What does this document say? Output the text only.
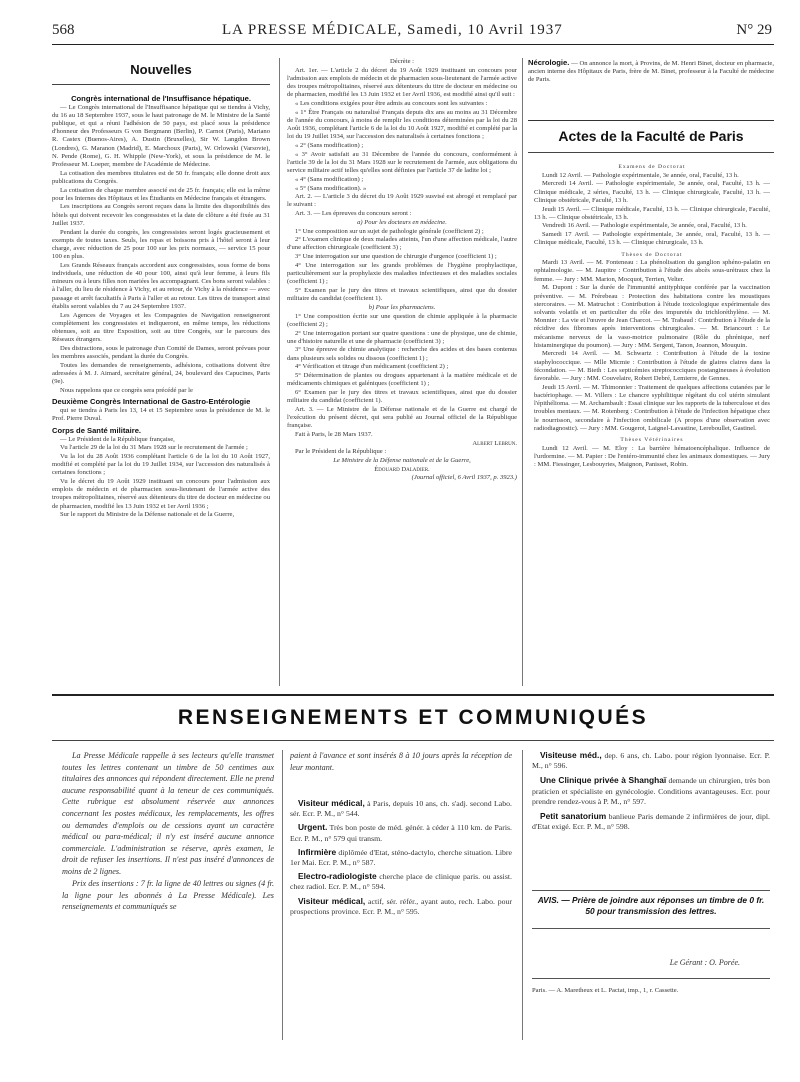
568	LA PRESSE MÉDICALE, Samedi, 10 Avril 1937	N° 29
Nouvelles

Congrès international de l'Insuffisance hépatique.

— Le Congrès international de l'Insuffisance hépatique qui se tiendra à Vichy, du 16 au 18 Septembre 1937, sous le haut patronage de M. le Ministre de la Santé publique, et qui a réuni l'adhésion de 50 pays, est placé sous la présidence d'honneur des Professeurs G von Bergmann (Berlin), P. Carnot (Paris), Mariano R. Castex (Buenos-Aires), A. Dustin (Bruxelles), Sir W. Langdon Brown (Londres), G. Maranon (Madrid), E. Marchoux (Paris), W. Orlowski (Varsovie), N. Pende (Rome), G. H. Whipple (New-York), et sous la présidence de M. le Professeur M. Loeper, membre de l'Académie de Médecine.

La cotisation des membres titulaires est de 50 fr. français; elle donne droit aux publications du Congrès.

La cotisation de chaque membre associé est de 25 fr. français; elle est la même pour les Internes des Hôpitaux et les Étudiants en Médecine français et étrangers.

Les inscriptions au Congrès seront reçues dans la limite des disponibilités des hôtels qui doivent recevoir les congressistes et la date de clôture a été fixée au 31 Juillet 1937.

Pendant la durée du congrès, les congressistes seront logés gracieusement et exempts de toutes taxes. Seuls, les repas et boissons pris à l'hôtel seront à leur charge, avec réduction de 25 pour 100 sur les prix normaux, — service 15 pour 100 en plus.

Les Grands Réseaux français accordent aux congressistes, sous forme de bons individuels, une réduction de 40 pour 100, ainsi qu'à leur femme, à leurs fils mineurs ou à leurs filles non mariées les accompagnant. Ces bons seront valables : à l'aller, du lieu de résidence à Vichy, et au retour, de Vichy à la résidence — avec passage et arrêt facultatifs à Paris à l'aller et au retour. Les titres de transport ainsi établis seront valables du 7 au 24 Septembre 1937.

Les Agences de Voyages et les Compagnies de Navigation renseigneront complètement les congressistes et indiqueront, en même temps, les réductions obtenues, soit au titre Exposition, soit au titre Congrès, sur le parcours des Réseaux étrangers.

Des distractions, sous le patronage d'un Comité de Dames, seront prévues pour les membres associés, pendant la durée du Congrès.

Toutes les demandes de renseignements, adhésions, cotisations doivent être adressées à M. J. Aimard, secrétaire général, 24, boulevard des Capucines, Paris (9e).

Nous rappelons que ce congrès sera précédé par le

Deuxième Congrès International de Gastro-Entérologie

qui se tiendra à Paris les 13, 14 et 15 Septembre sous la présidence de M. le Prof. Pierre Duval.

Corps de Santé militaire.

— Le Président de la République française,

Vu l'article 29 de la loi du 31 Mars 1928 sur le recrutement de l'armée ;

Vu la loi du 28 Août 1936 complétant l'article 6 de la loi du 10 Août 1927, modifié et complété par la loi du 19 Juillet 1934, sur l'accession des naturalisés à certaines fonctions ;

Vu le décret du 19 Août 1929 instituant un concours pour l'admission aux emplois de médecin et de pharmacien sous-lieutenant de l'armée active des troupes métropolitaines, réservé aux détenteurs du titre de docteur en médecine ou de pharmacien, modifié les 13 Juin 1932 et 1er Avril 1936 ;

Sur le rapport du Ministre de la Défense nationale et de la Guerre,

Décrète :

Art. 1er. — L'article 2 du décret du 19 Août 1929 instituant un concours pour l'admission aux emplois de médecin et de pharmacien sous-lieutenant de l'armée active des troupes métropolitaines, réservé aux détenteurs du titre de docteur en médecine ou de pharmacien, modifié les 13 Juin 1932 et 1er Avril 1936, est modifié ainsi qu'il suit :

« Les conditions exigées pour être admis au concours sont les suivantes :

« 1° Être Français ou naturalisé Français depuis dix ans au moins au 31 Décembre de l'année du concours, à moins de remplir les conditions déterminées par la loi du 28 Août 1936, complétant l'article 6 de la loi du 10 Août 1927, modifié et complété par la loi du 19 Juillet 1934, sur l'accession des naturalisés à certaines fonctions ;

« 2° (Sans modification) ;

« 3° Avoir satisfait au 31 Décembre de l'année du concours, conformément à l'article 39 de la loi du 31 Mars 1928 sur le recrutement de l'armée, aux obligations du service militaire actif telles qu'elles sont définies par l'article 37 de ladite loi ;

« 4° (Sans modification) ;

« 5° (Sans modification). »

Art. 2. — L'article 3 du décret du 19 Août 1929 susvisé est abrogé et remplacé par le suivant :

Art. 3. — Les épreuves du concours seront :

a) Pour les docteurs en médecine.

1° Une composition sur un sujet de pathologie générale (coefficient 2) ;

2° L'examen clinique de deux malades atteints, l'un d'une affection médicale, l'autre d'une affection chirurgicale (coefficient 3) ;

3° Une interrogation sur une question de chirurgie d'urgence (coefficient 1) ;

4° Une interrogation sur les grands problèmes de l'hygiène prophylactique, particulièrement sur la prophylaxie des maladies infectieuses et des maladies sociales (coefficient 1) ;

5° Examen par le jury des titres et travaux scientifiques, ainsi que du dossier militaire du candidat (coefficient 1).

b) Pour les pharmaciens.

1° Une composition écrite sur une question de chimie appliquée à la pharmacie (coefficient 2) ;

2° Une interrogation portant sur quatre questions : une de physique, une de chimie, une d'histoire naturelle et une de pharmacie (coefficient 3) ;

3° Une épreuve de chimie analytique : recherche des acides et des bases contenus dans plusieurs sels solides ou dissous (coefficient 1) ;

4° Vérification et titrage d'un médicament (coefficient 2) ;

5° Détermination de plantes ou drogues appartenant à la matière médicale et de médicaments chimiques et galéniques (coefficient 1) ;

6° Examen par le jury des titres et travaux scientifiques, ainsi que du dossier militaire du candidat (coefficient 1).

Art. 3. — Le Ministre de la Défense nationale et de la Guerre est chargé de l'exécution du présent décret, qui sera publié au Journal officiel de la République française.

Fait à Paris, le 28 Mars 1937.

Albert Lebrun.

Par le Président de la République :

Le Ministre de la Défense nationale et de la Guerre,

Édouard Daladier.

(Journal officiel, 6 Avril 1937, p. 3923.)

Nécrologie. — On annonce la mort, à Provins, de M. Henri Binet, docteur en pharmacie, ancien interne des Hôpitaux de Paris, frère de M. Binet, professeur à la Faculté de médecine de Paris.

Actes de la Faculté de Paris

Examens de Doctorat

Lundi 12 Avril. — Pathologie expérimentale, 3e année, oral, Faculté, 13 h.

Mercredi 14 Avril. — Pathologie expérimentale, 3e année, oral, Faculté, 13 h. — Clinique médicale, 2 séries, Faculté, 13 h. — Clinique chirurgicale, Faculté, 13 h. — Clinique obstétricale, Faculté, 13 h.

Jeudi 15 Avril. — Clinique médicale, Faculté, 13 h. — Clinique chirurgicale, Faculté, 13 h. — Clinique obstétricale, 13 h.

Vendredi 16 Avril. — Pathologie expérimentale, 3e année, oral, Faculté, 13 h.

Samedi 17 Avril. — Pathologie expérimentale, 3e année, oral, Faculté, 13 h. — Clinique médicale, Faculté, 13 h. — Clinique chirurgicale, 13 h.

Thèses de Doctorat

Mardi 13 Avril. — M. Fonteneau : La phénolisation du ganglion sphéno-palatin en ophtalmologie. — M. Jaupitre : Contribution à l'étude des abcès sous-urétraux chez la femme. — Jury : MM. Marion, Mocquot, Terrien, Velter.

M. Dupont : Sur la durée de l'immunité antityphique conférée par la vaccination préventive. — M. Frérebeau : Protection des habitations contre les moustiques stercoraires. — M. Matruchot : Contribution à l'étude toxicologique expérimentale des solvants volatils et en particulier du rôle des impuretés du trichloréthylène. — M. Monnier : La vie et l'œuvre de Jean Charcot. — M. Trabaud : Contribution à l'étude de la récidive des fibromes après interventions chirurgicales. — M. Briancourt : Le mécanisme nerveux de la vaso-motrice pulmonaire (Rôle du phrénique, nerf histaminergique du poumon). — Jury : MM. Sergent, Tanon, Joannon, Mouquin.

Mercredi 14 Avril. — M. Schwartz : Contribution à l'étude de la toxine staphylococcique. — Mlle Micmie : Contribution à l'étude de glaires claires dans la fécondation. — M. Bieth : Les septicémies streptococciques postangineuses à évolution favorable. — Jury : MM. Couvelaire, Robert Debré, Lemierre, de Gennes.

Jeudi 15 Avril. — M. Thimonnier : Traitement de quelques affections cutanées par le bactériophage. — M. Villers : Le chancre syphilitique régétant du col utérin simulant l'épithélioma. — M. Archambault : Essai clinique sur les rapports de la tuberculose et des troubles mentaux. — M. Rotenberg : Contribution à l'étude de l'infection hépatique chez le nourrisson, secondaire à l'infection ombilicale (A propos d'une observation avec radiodiagnostic). — Jury : MM. Gougerot, Laignel-Lavastine, Lereboullet, Gastinel.

Thèses Vétérinaires

Lundi 12 Avril. — M. Eloy : La barrière hématoencéphalique. Influence de l'urdormine. — M. Papier : De l'entéro-immunité chez les animaux domestiques. — Jury : MM. Fiessinger, Lesbouyries, Maignon, Panisset, Robin.

RENSEIGNEMENTS ET COMMUNIQUÉS

La Presse Médicale rappelle à ses lecteurs qu'elle transmet toutes les lettres contenant un timbre de 50 centimes aux titulaires des annonces qui répondent directement. Elle ne prend aucune responsabilité quant à la teneur de ces communiqués. Cette rubrique est absolument réservée aux annonces concernant les postes médicaux, les remplacements, les offres ou demandes d'emplois ou de cessions ayant un caractère médical ou para-médical; il n'y est inséré aucune annonce commerciale. L'administration se réserve, après examen, le droit de refuser les insertions. Il n'est pas inséré d'annonces de moins de 2 lignes.

Prix des insertions : 7 fr. la ligne de 40 lettres ou signes (4 fr. la ligne pour les abonnés à La Presse Médicale). Les renseignements et communiqués se

paient à l'avance et sont insérés 8 à 10 jours après la réception de leur montant.

Visiteur médical, à Paris, depuis 10 ans, ch. s'adj. second Labo. sér. Ecr. P. M., n° 544.

Urgent. Très bon poste de méd. génér. à céder à 110 km. de Paris. Ecr. P. M., n° 579 qui transm.

Infirmière diplômée d'Etat, sténo-dactylo, cherche situation. Libre 1er Mai. Ecr. P. M., n° 587.

Electro-radiologiste cherche place de clinique paris. ou assist. chez radiol. Ecr. P. M., n° 594.

Visiteur médical, actif, sér. référ., ayant auto, rech. Labo. pour prospections province. Ecr. P. M., n° 595.

Visiteuse méd., dep. 6 ans, ch. Labo. pour région lyonnaise. Ecr. P. M., n° 596.

Une Clinique privée à Shanghaï demande un chirurgien, très bon praticien et spécialiste en gynécologie. Conditions avantageuses. Ecr. pour prendre rendez-vous à P. M., n° 597.

Petit sanatorium banlieue Paris demande 2 infirmières de jour, dipl. d'Etat exigé. Ecr. P. M., n° 598.

AVIS. — Prière de joindre aux réponses un timbre de 0 fr. 50 pour transmission des lettres.
Le Gérant : O. Porée.
Paris. — A. Maretheux et L. Pactat, imp., 1, r. Cassette.
